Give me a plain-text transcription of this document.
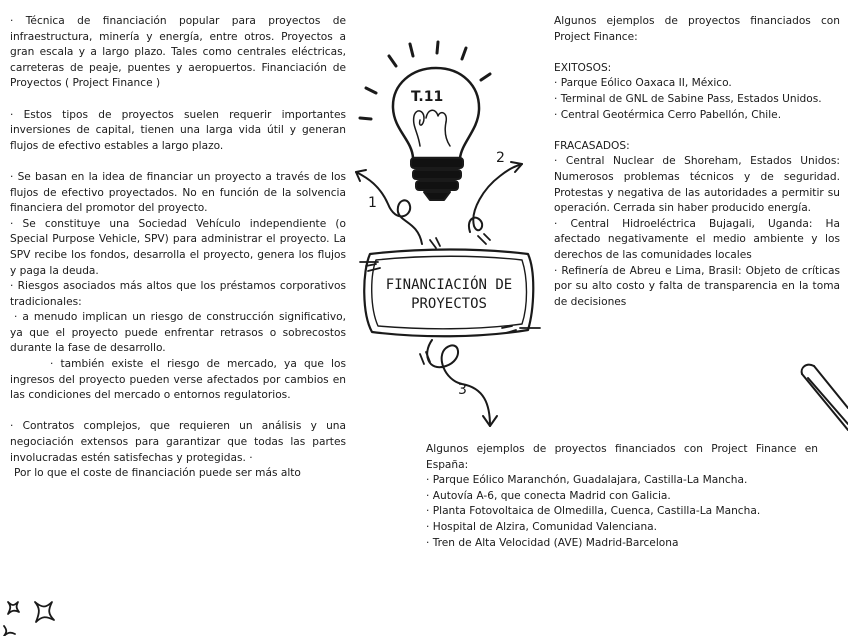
· Técnica de financiación popular para proyectos de infraestructura, minería y energía, entre otros. Proyectos a gran escala y a largo plazo. Tales como centrales eléctricas, carreteras de peaje, puentes y aeropuertos. Financiación de Proyectos ( Project Finance )

· Estos tipos de proyectos suelen requerir importantes inversiones de capital, tienen una larga vida útil y generan flujos de efectivo estables a largo plazo.

· Se basan en la idea de financiar un proyecto a través de los flujos de efectivo proyectados. No en función de la solvencia financiera del promotor del proyecto.

· Se constituye una Sociedad Vehículo independiente (o Special Purpose Vehicle, SPV) para administrar el proyecto. La SPV recibe los fondos, desarrolla el proyecto, genera los flujos y paga la deuda.

· Riesgos asociados más altos que los préstamos corporativos tradicionales:

· a menudo implican un riesgo de construcción significativo, ya que el proyecto puede enfrentar retrasos o sobrecostos durante la fase de desarrollo.

· también existe el riesgo de mercado, ya que los ingresos del proyecto pueden verse afectados por cambios en las condiciones del mercado o entornos regulatorios.

· Contratos complejos, que requieren un análisis y una negociación extensos para garantizar que todas las partes involucradas estén satisfechas y protegidas. ·

Por lo que el coste de financiación puede ser más alto

Algunos ejemplos de proyectos financiados con Project Finance:

EXITOSOS:

· Parque Eólico Oaxaca II, México.

· Terminal de GNL de Sabine Pass, Estados Unidos.

· Central Geotérmica Cerro Pabellón, Chile.

FRACASADOS:

· Central Nuclear de Shoreham, Estados Unidos: Numerosos problemas técnicos y de seguridad. Protestas y negativa de las autoridades a permitir su operación. Cerrada sin haber producido energía.

· Central Hidroeléctrica Bujagali, Uganda: Ha afectado negativamente el medio ambiente y los derechos de las comunidades locales

· Refinería de Abreu e Lima, Brasil: Objeto de críticas por su alto costo y falta de transparencia en la toma de decisiones

Algunos ejemplos de proyectos financiados con Project Finance en España:

· Parque Eólico Maranchón, Guadalajara, Castilla-La Mancha.

· Autovía A-6, que conecta Madrid con Galicia.

· Planta Fotovoltaica de Olmedilla, Cuenca, Castilla-La Mancha.

· Hospital de Alzira, Comunidad Valenciana.

· Tren de Alta Velocidad (AVE) Madrid-Barcelona

T.11
1
2
3
FINANCIACIÓN DE
PROYECTOS
